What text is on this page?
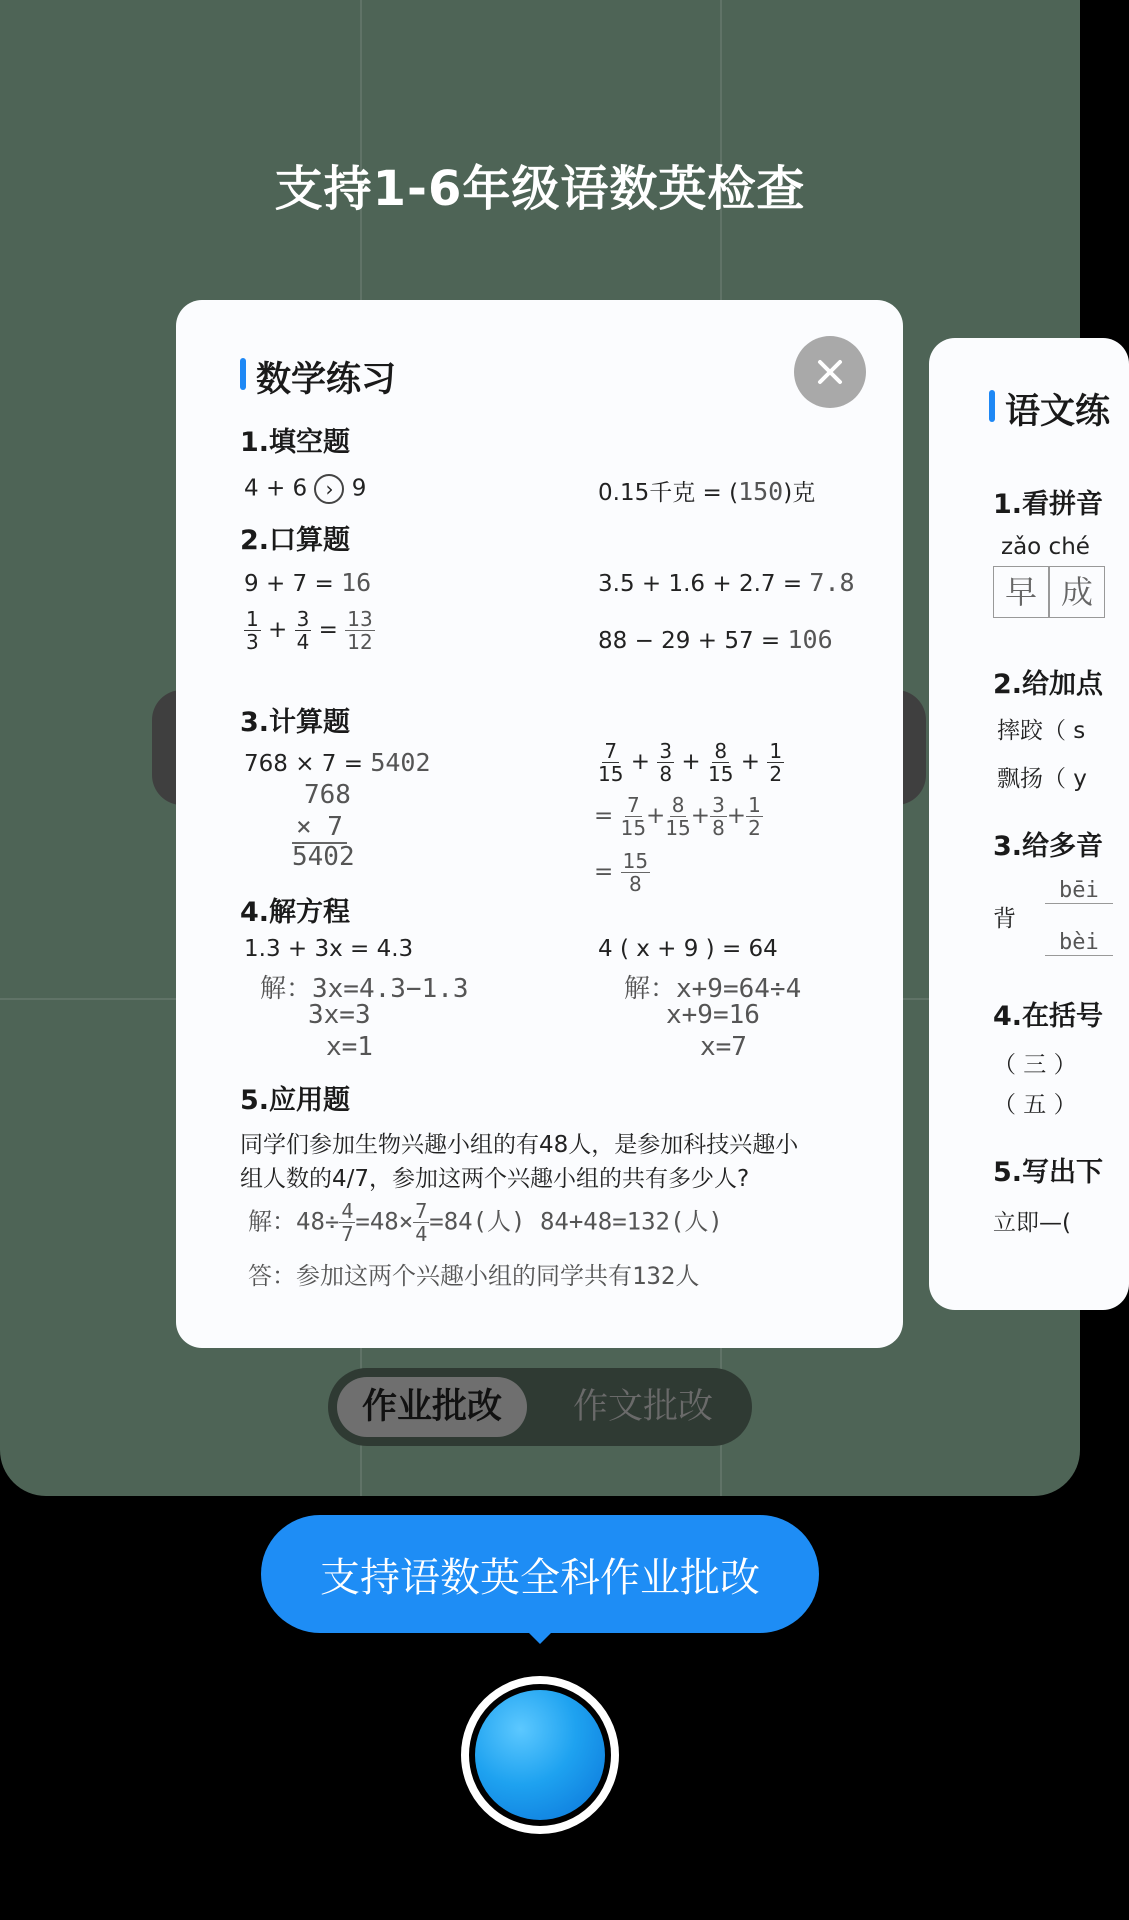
支持1-6年级语数英检查
数学练习
1.填空题
4 + 6 › 9	0.15千克 = (150)克
2.口算题
9 + 7 = 16	3.5 + 1.6 + 2.7 = 7.8
$\frac{1}{3} + \frac{3}{4} = \frac{13}{12}$	88 − 29 + 57 = 106
3.计算题
768 × 7 = 5402
768
× 7
5402
$\frac{7}{15} + \frac{3}{8} + \frac{8}{15} + \frac{1}{2}$
= $\frac{7}{15} + \frac{8}{15} + \frac{3}{8} + \frac{1}{2}$
= $\frac{15}{8}$
4.解方程
1.3 + 3x = 4.3
解：3x=4.3−1.3
3x=3
x=1
4 ( x + 9 ) = 64
解：x+9=64÷4
x+9=16
x=7
5.应用题
同学们参加生物兴趣小组的有48人，是参加科技兴趣小
组人数的4/7，参加这两个兴趣小组的共有多少人?
解：$48\div \frac{4}{7} =48\times \frac{7}{4} =84$(人) 84+48=132(人)
答：参加这两个兴趣小组的同学共有132人
语文练
1.看拼音
zǎo ché
早 成
2.给加点
摔跤（ s
飘扬（ y
3.给多音
背
bēi
bèi
4.在括号
（ 三 ）
（ 五 ）
5.写出下
立即—(
作业批改	作文批改
支持语数英全科作业批改
